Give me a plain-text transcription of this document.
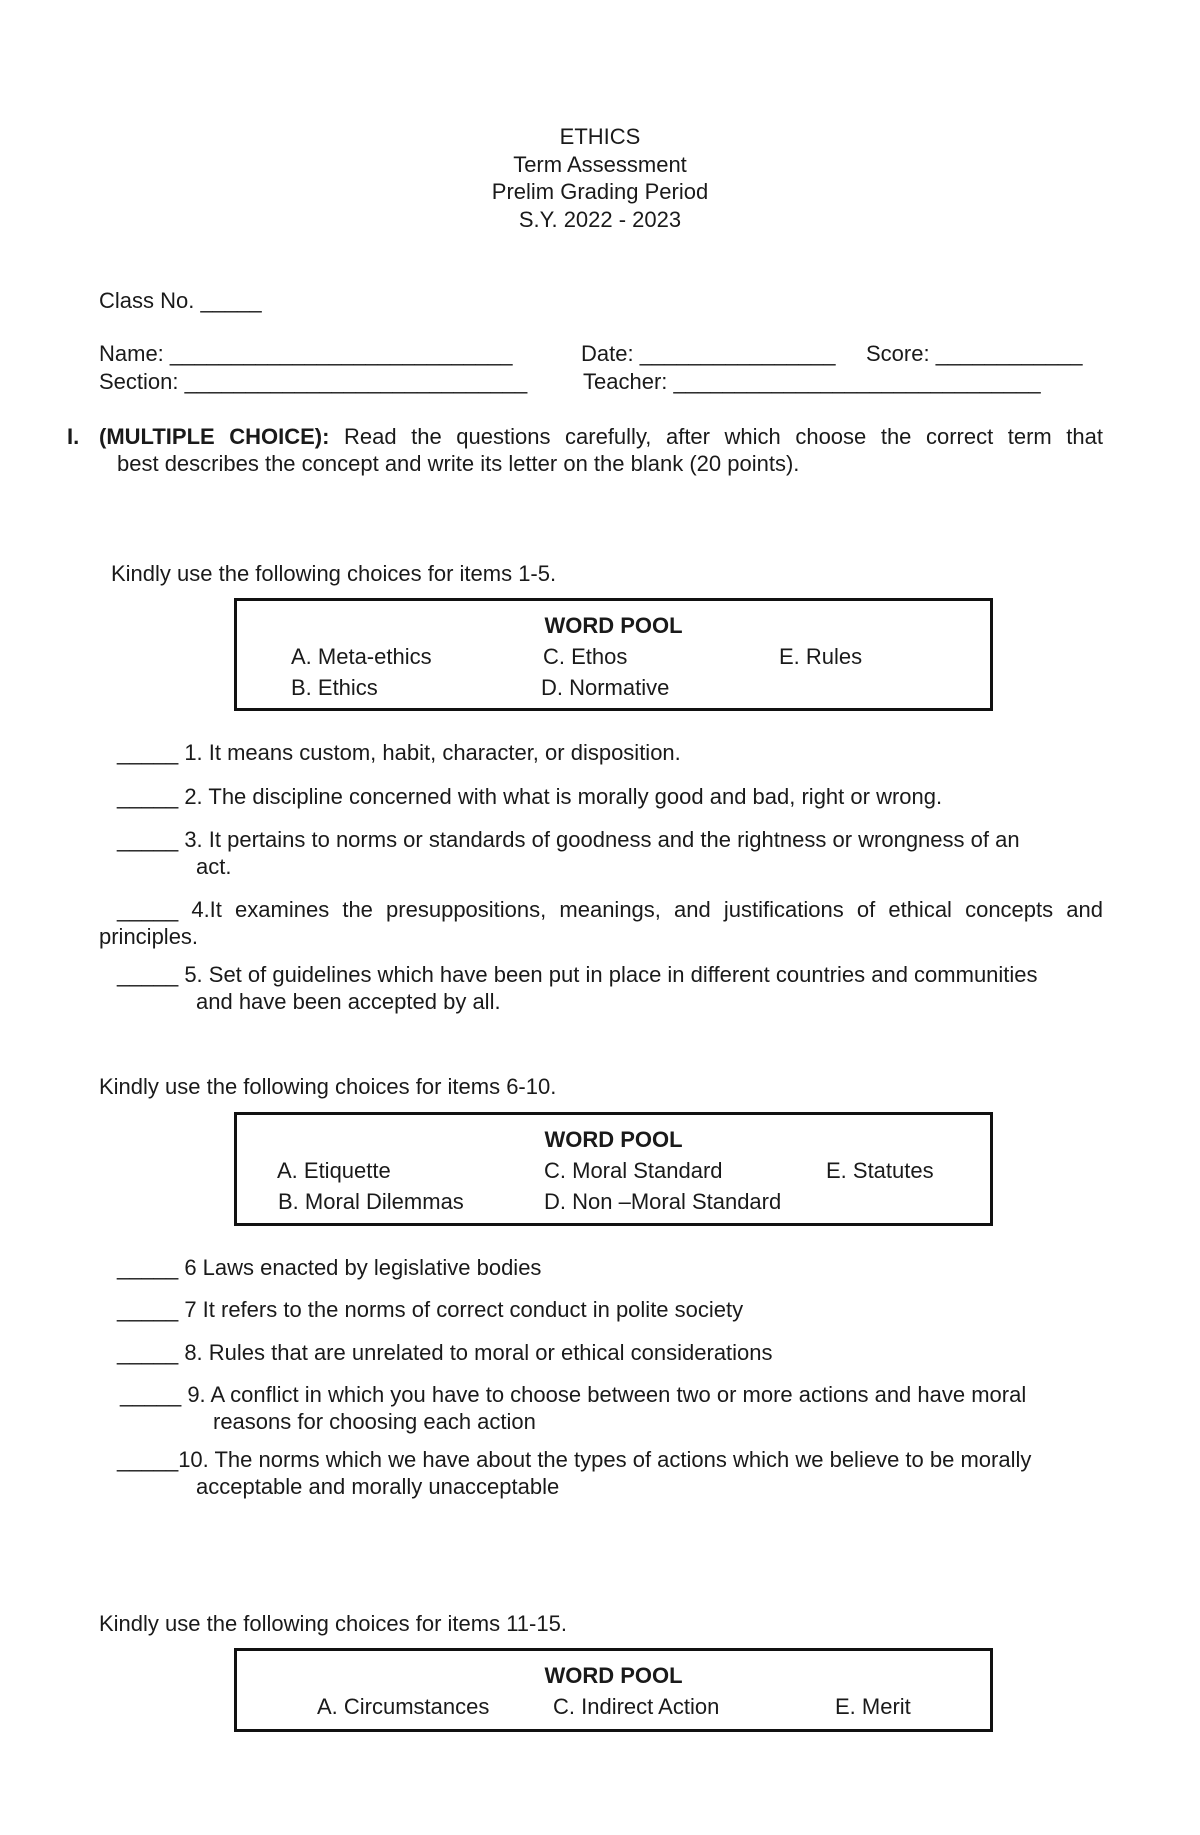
ETHICS
Term Assessment
Prelim Grading Period
S.Y. 2022 - 2023
Class No. _____
Name: ____________________________	Date: ________________ Score: ____________
Section: ____________________________	Teacher: ______________________________
I. (MULTIPLE CHOICE): Read the questions carefully, after which choose the correct term that
best describes the concept and write its letter on the blank (20 points).
Kindly use the following choices for items 1-5.
WORD POOL
A. Meta-ethics	C. Ethos	E. Rules
B. Ethics	D. Normative
_____ 1. It means custom, habit, character, or disposition.
_____ 2. The discipline concerned with what is morally good and bad, right or wrong.
_____ 3. It pertains to norms or standards of goodness and the rightness or wrongness of an
act.
_____ 4.It examines the presuppositions, meanings, and justifications of ethical concepts and
principles.
_____ 5. Set of guidelines which have been put in place in different countries and communities
and have been accepted by all.
Kindly use the following choices for items 6-10.
WORD POOL
A. Etiquette	C. Moral Standard	E. Statutes
B. Moral Dilemmas	D. Non –Moral Standard
_____ 6 Laws enacted by legislative bodies
_____ 7 It refers to the norms of correct conduct in polite society
_____ 8. Rules that are unrelated to moral or ethical considerations
_____ 9. A conflict in which you have to choose between two or more actions and have moral
reasons for choosing each action
_____10. The norms which we have about the types of actions which we believe to be morally
acceptable and morally unacceptable
Kindly use the following choices for items 11-15.
WORD POOL
A. Circumstances	C. Indirect Action	E. Merit
